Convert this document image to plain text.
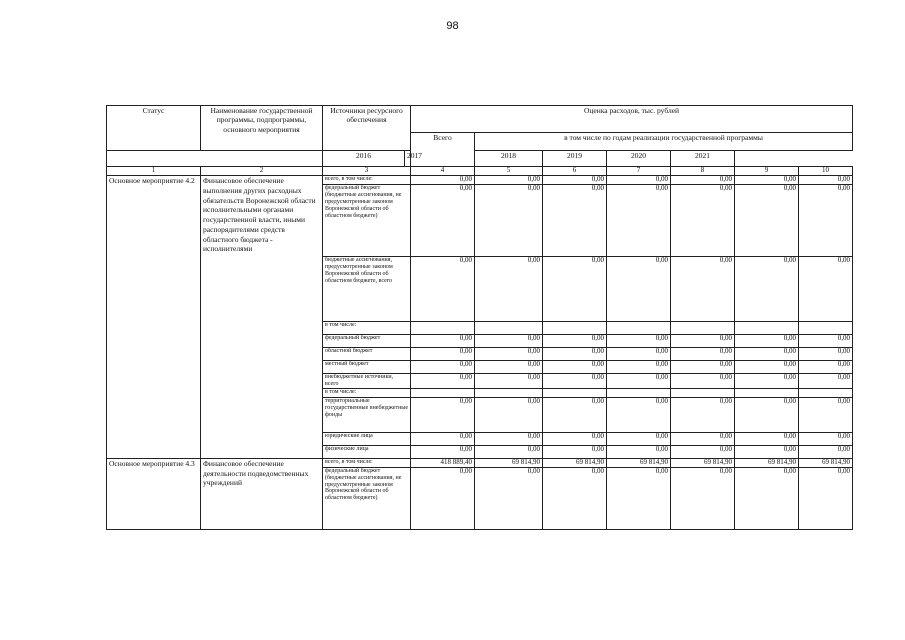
98
Статус	Наименование государственной программы, подпрограммы, основного мероприятия	Источники ресурсного обеспечения		Оценка расходов, тыс. рублей						
				Всего	в том числе по годам реализации государственной программы					
		2016	2017		2018	2019	2020	2021		
1	2	3		4	5	6	7	8	9	10
Основное мероприятие 4.2	Финансовое обеспечение выполнения других расходных обязательств Воронежской области исполнительными органами государственной власти, иными распорядителями средств областного бюджета - исполнителями	всего, в том числе:		0,00	0,00	0,00	0,00	0,00	0,00	0,00
		федеральный бюджет (бюджетные ассигнования, не предусмотренные законом Воронежской области об областном бюджете)		0,00	0,00	0,00	0,00	0,00	0,00	0,00
		бюджетные ассигнования, предусмотренные законом Воронежской области об областном бюджете, всего		0,00	0,00	0,00	0,00	0,00	0,00	0,00
		в том числе:								
		федеральный бюджет		0,00	0,00	0,00	0,00	0,00	0,00	0,00
		областной бюджет		0,00	0,00	0,00	0,00	0,00	0,00	0,00
		местный бюджет		0,00	0,00	0,00	0,00	0,00	0,00	0,00
		внебюджетные источники, всего		0,00	0,00	0,00	0,00	0,00	0,00	0,00
		в том числе:								
		территориальные государственные внебюджетные фонды		0,00	0,00	0,00	0,00	0,00	0,00	0,00
		юридические лица		0,00	0,00	0,00	0,00	0,00	0,00	0,00
		физические лица		0,00	0,00	0,00	0,00	0,00	0,00	0,00
Основное мероприятие 4.3	Финансовое обеспечение деятельности подведомственных учреждений	всего, в том числе:		418 889,40	69 814,90	69 814,90	69 814,90	69 814,90	69 814,90	69 814,90
		федеральный бюджет (бюджетные ассигнования, не предусмотренные законом Воронежской области об областном бюджете)		0,00	0,00	0,00	0,00	0,00	0,00	0,00
